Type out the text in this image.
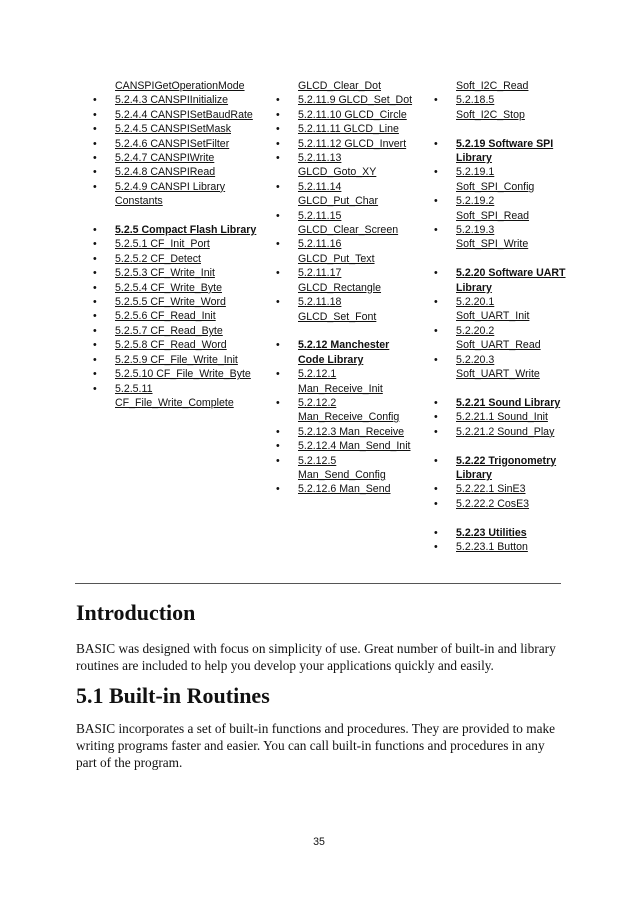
CANSPIGetOperationMode
• 5.2.4.3 CANSPIInitialize
• 5.2.4.4 CANSPISetBaudRate
• 5.2.4.5 CANSPISetMask
• 5.2.4.6 CANSPISetFilter
• 5.2.4.7 CANSPIWrite
• 5.2.4.8 CANSPIRead
• 5.2.4.9 CANSPI Library
Constants
• 5.2.5 Compact Flash Library
• 5.2.5.1 CF_Init_Port
• 5.2.5.2 CF_Detect
• 5.2.5.3 CF_Write_Init
• 5.2.5.4 CF_Write_Byte
• 5.2.5.5 CF_Write_Word
• 5.2.5.6 CF_Read_Init
• 5.2.5.7 CF_Read_Byte
• 5.2.5.8 CF_Read_Word
• 5.2.5.9 CF_File_Write_Init
• 5.2.5.10 CF_File_Write_Byte
• 5.2.5.11
CF_File_Write_Complete
GLCD_Clear_Dot
• 5.2.11.9 GLCD_Set_Dot
• 5.2.11.10 GLCD_Circle
• 5.2.11.11 GLCD_Line
• 5.2.11.12 GLCD_Invert
• 5.2.11.13
GLCD_Goto_XY
• 5.2.11.14
GLCD_Put_Char
• 5.2.11.15
GLCD_Clear_Screen
• 5.2.11.16
GLCD_Put_Text
• 5.2.11.17
GLCD_Rectangle
• 5.2.11.18
GLCD_Set_Font
• 5.2.12 Manchester
Code Library
• 5.2.12.1
Man_Receive_Init
• 5.2.12.2
Man_Receive_Config
• 5.2.12.3 Man_Receive
• 5.2.12.4 Man_Send_Init
• 5.2.12.5
Man_Send_Config
• 5.2.12.6 Man_Send
Soft_I2C_Read
• 5.2.18.5
Soft_I2C_Stop
• 5.2.19 Software SPI
Library
• 5.2.19.1
Soft_SPI_Config
• 5.2.19.2
Soft_SPI_Read
• 5.2.19.3
Soft_SPI_Write
• 5.2.20 Software UART
Library
• 5.2.20.1
Soft_UART_Init
• 5.2.20.2
Soft_UART_Read
• 5.2.20.3
Soft_UART_Write
• 5.2.21 Sound Library
• 5.2.21.1 Sound_Init
• 5.2.21.2 Sound_Play
• 5.2.22 Trigonometry
Library
• 5.2.22.1 SinE3
• 5.2.22.2 CosE3
• 5.2.23 Utilities
• 5.2.23.1 Button
Introduction

BASIC was designed with focus on simplicity of use. Great number of built-in and library routines are included to help you develop your applications quickly and easily.

5.1 Built-in Routines

BASIC incorporates a set of built-in functions and procedures. They are provided to make writing programs faster and easier. You can call built-in functions and procedures in any part of the program.

35
